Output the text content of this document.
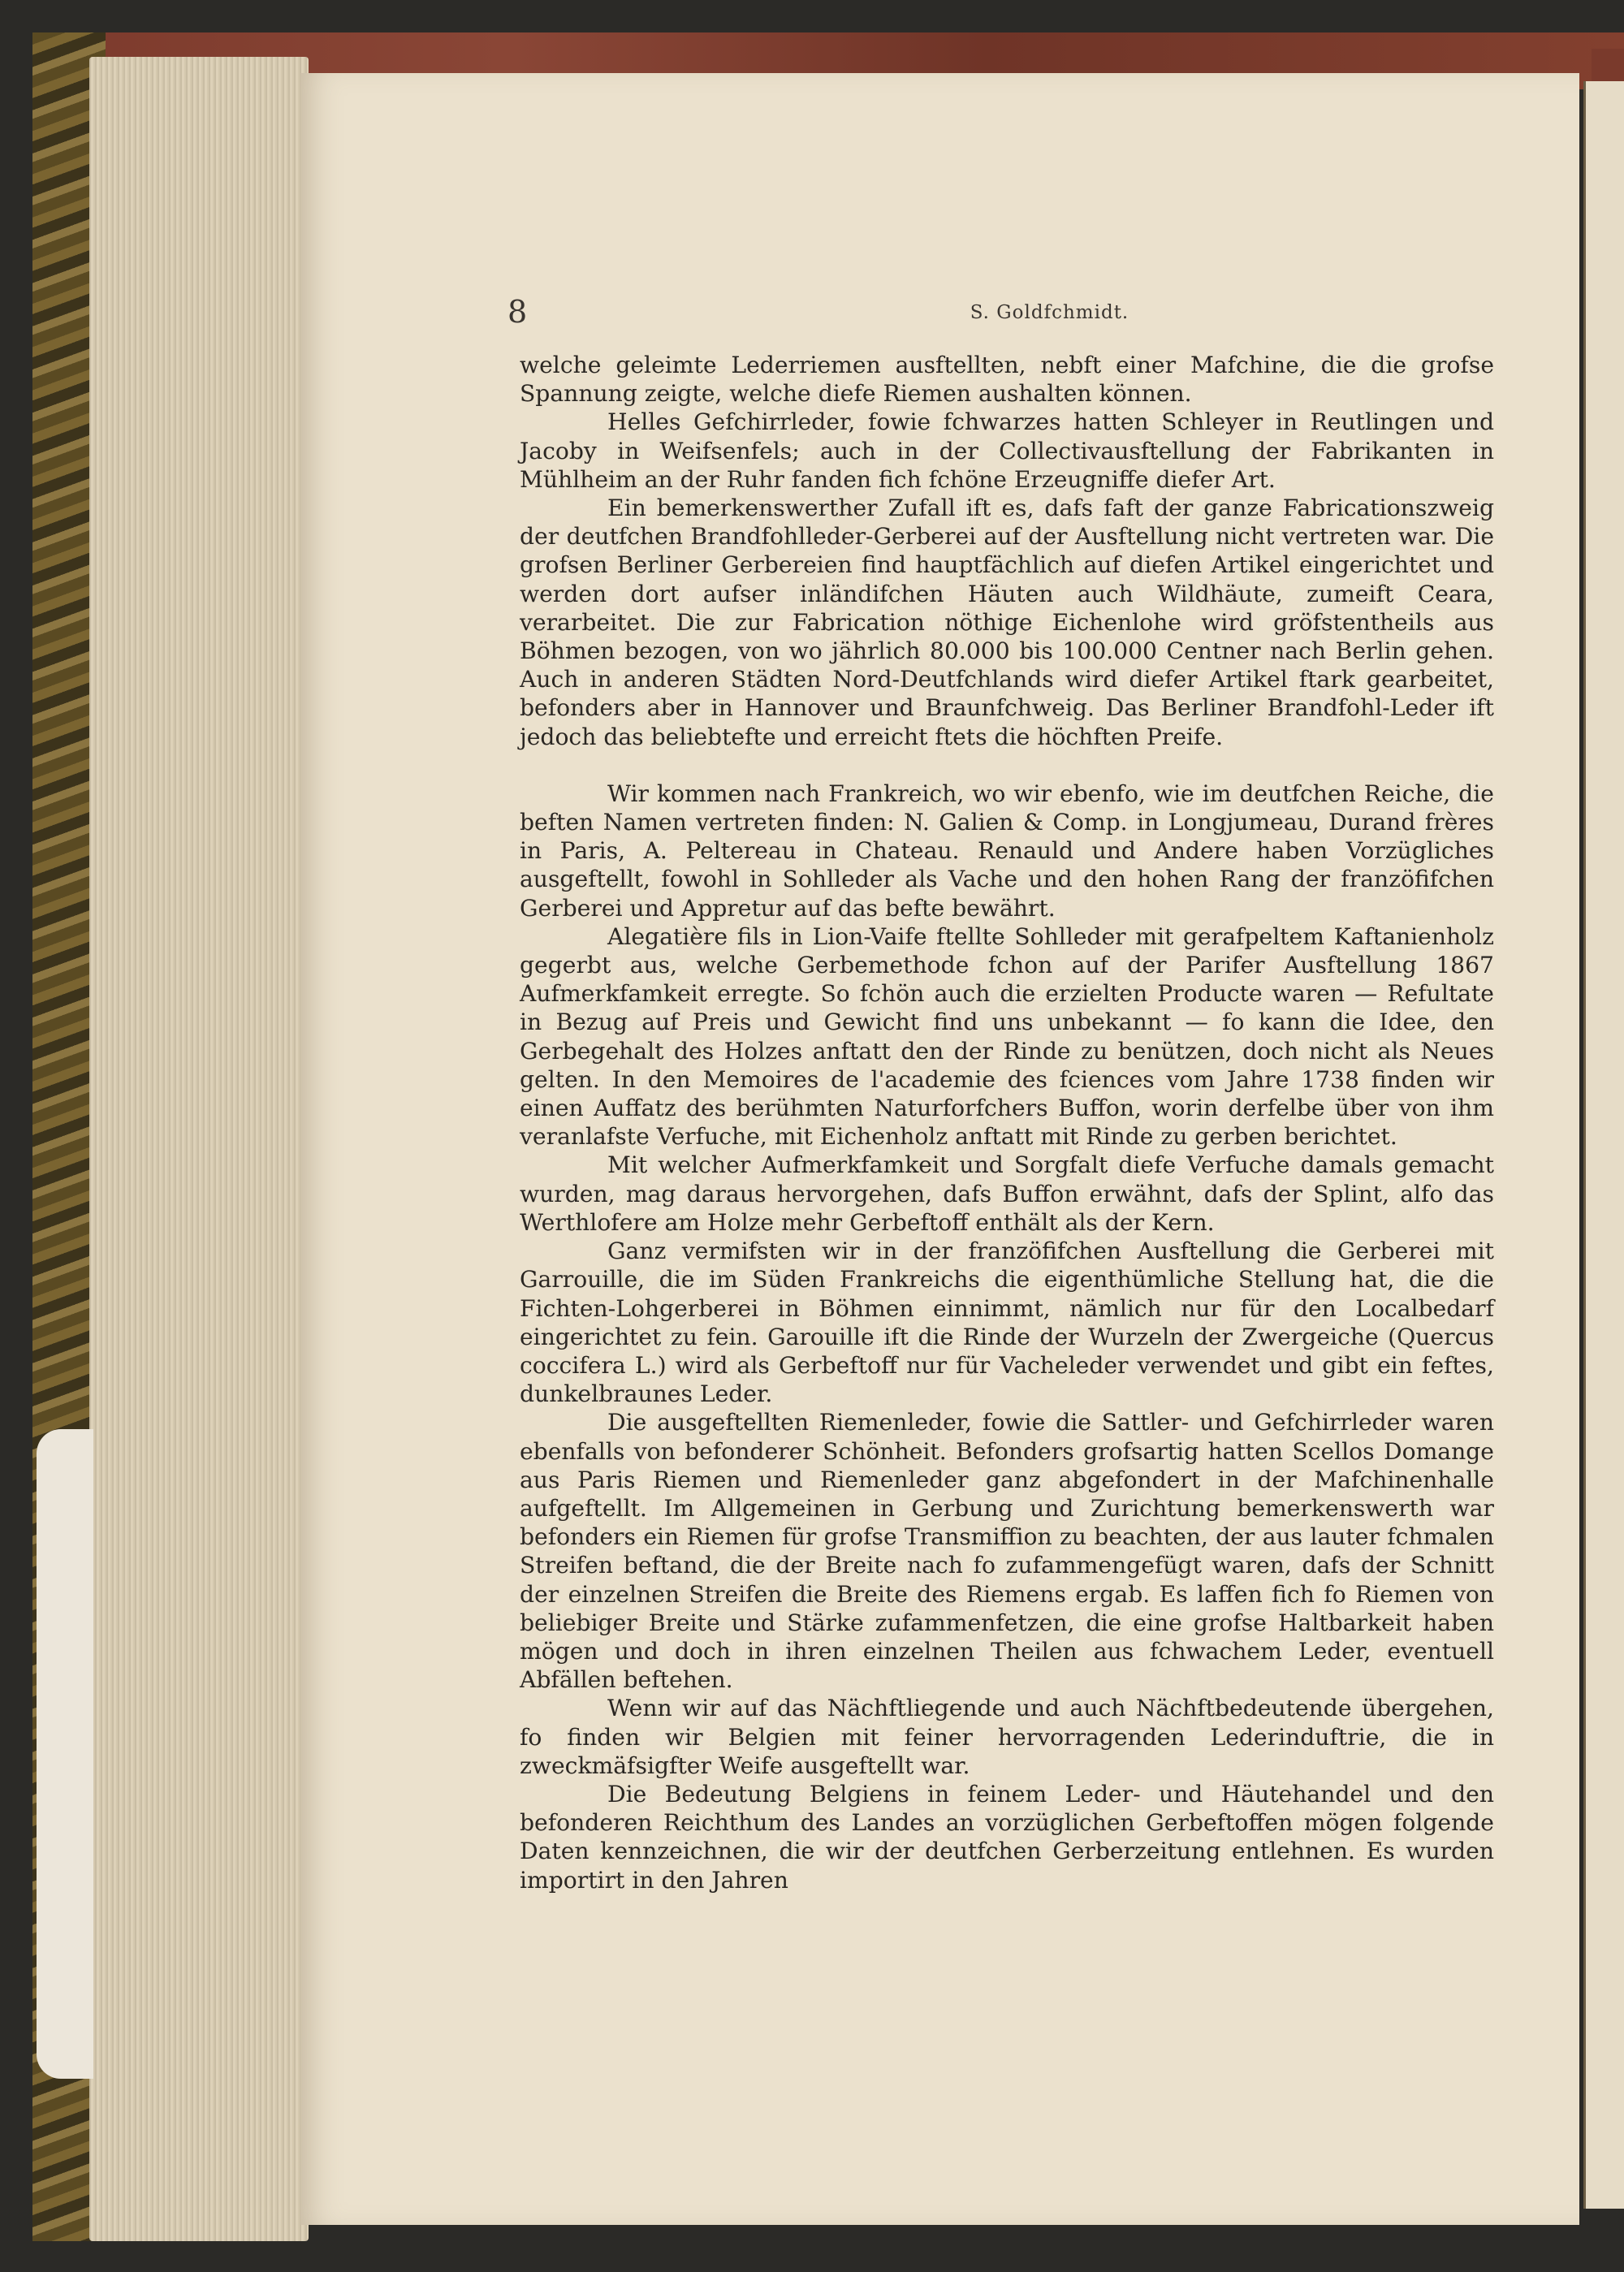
8	S. Goldfchmidt.

welche geleimte Lederriemen ausftellten, nebft einer Mafchine, die die grofse Spannung zeigte, welche diefe Riemen aushalten können.

Helles Gefchirrleder, fowie fchwarzes hatten Schleyer in Reutlingen und Jacoby in Weifsenfels; auch in der Collectivausftellung der Fabrikanten in Mühlheim an der Ruhr fanden fich fchöne Erzeugniffe diefer Art.

Ein bemerkenswerther Zufall ift es, dafs faft der ganze Fabricationszweig der deutfchen Brandfohlleder-Gerberei auf der Ausftellung nicht vertreten war. Die grofsen Berliner Gerbereien find hauptfächlich auf diefen Artikel eingerichtet und werden dort aufser inländifchen Häuten auch Wildhäute, zumeift Ceara, verarbeitet. Die zur Fabrication nöthige Eichenlohe wird gröfstentheils aus Böhmen bezogen, von wo jährlich 80.000 bis 100.000 Centner nach Berlin gehen. Auch in anderen Städten Nord-Deutfchlands wird diefer Artikel ftark gearbeitet, befonders aber in Hannover und Braunfchweig. Das Berliner Brandfohl-Leder ift jedoch das beliebtefte und erreicht ftets die höchften Preife.

Wir kommen nach Frankreich, wo wir ebenfo, wie im deutfchen Reiche, die beften Namen vertreten finden: N. Galien & Comp. in Longjumeau, Durand frères in Paris, A. Peltereau in Chateau. Renauld und Andere haben Vorzügliches ausgeftellt, fowohl in Sohlleder als Vache und den hohen Rang der franzöfifchen Gerberei und Appretur auf das befte bewährt.

Alegatière fils in Lion-Vaife ftellte Sohlleder mit gerafpeltem Kaftanienholz gegerbt aus, welche Gerbemethode fchon auf der Parifer Ausftellung 1867 Aufmerkfamkeit erregte. So fchön auch die erzielten Producte waren — Refultate in Bezug auf Preis und Gewicht find uns unbekannt — fo kann die Idee, den Gerbegehalt des Holzes anftatt den der Rinde zu benützen, doch nicht als Neues gelten. In den Memoires de l'academie des fciences vom Jahre 1738 finden wir einen Auffatz des berühmten Naturforfchers Buffon, worin derfelbe über von ihm veranlafste Verfuche, mit Eichenholz anftatt mit Rinde zu gerben berichtet.

Mit welcher Aufmerkfamkeit und Sorgfalt diefe Verfuche damals gemacht wurden, mag daraus hervorgehen, dafs Buffon erwähnt, dafs der Splint, alfo das Werthlofere am Holze mehr Gerbeftoff enthält als der Kern.

Ganz vermifsten wir in der franzöfifchen Ausftellung die Gerberei mit Garrouille, die im Süden Frankreichs die eigenthümliche Stellung hat, die die Fichten-Lohgerberei in Böhmen einnimmt, nämlich nur für den Localbedarf eingerichtet zu fein. Garouille ift die Rinde der Wurzeln der Zwergeiche (Quercus coccifera L.) wird als Gerbeftoff nur für Vacheleder verwendet und gibt ein feftes, dunkelbraunes Leder.

Die ausgeftellten Riemenleder, fowie die Sattler- und Gefchirrleder waren ebenfalls von befonderer Schönheit. Befonders grofsartig hatten Scellos Domange aus Paris Riemen und Riemenleder ganz abgefondert in der Mafchinenhalle aufgeftellt. Im Allgemeinen in Gerbung und Zurichtung bemerkenswerth war befonders ein Riemen für grofse Transmiffion zu beachten, der aus lauter fchmalen Streifen beftand, die der Breite nach fo zufammengefügt waren, dafs der Schnitt der einzelnen Streifen die Breite des Riemens ergab. Es laffen fich fo Riemen von beliebiger Breite und Stärke zufammenfetzen, die eine grofse Haltbarkeit haben mögen und doch in ihren einzelnen Theilen aus fchwachem Leder, eventuell Abfällen beftehen.

Wenn wir auf das Nächftliegende und auch Nächftbedeutende übergehen, fo finden wir Belgien mit feiner hervorragenden Lederinduftrie, die in zweckmäfsigfter Weife ausgeftellt war.

Die Bedeutung Belgiens in feinem Leder- und Häutehandel und den befonderen Reichthum des Landes an vorzüglichen Gerbeftoffen mögen folgende Daten kennzeichnen, die wir der deutfchen Gerberzeitung entlehnen. Es wurden importirt in den Jahren
